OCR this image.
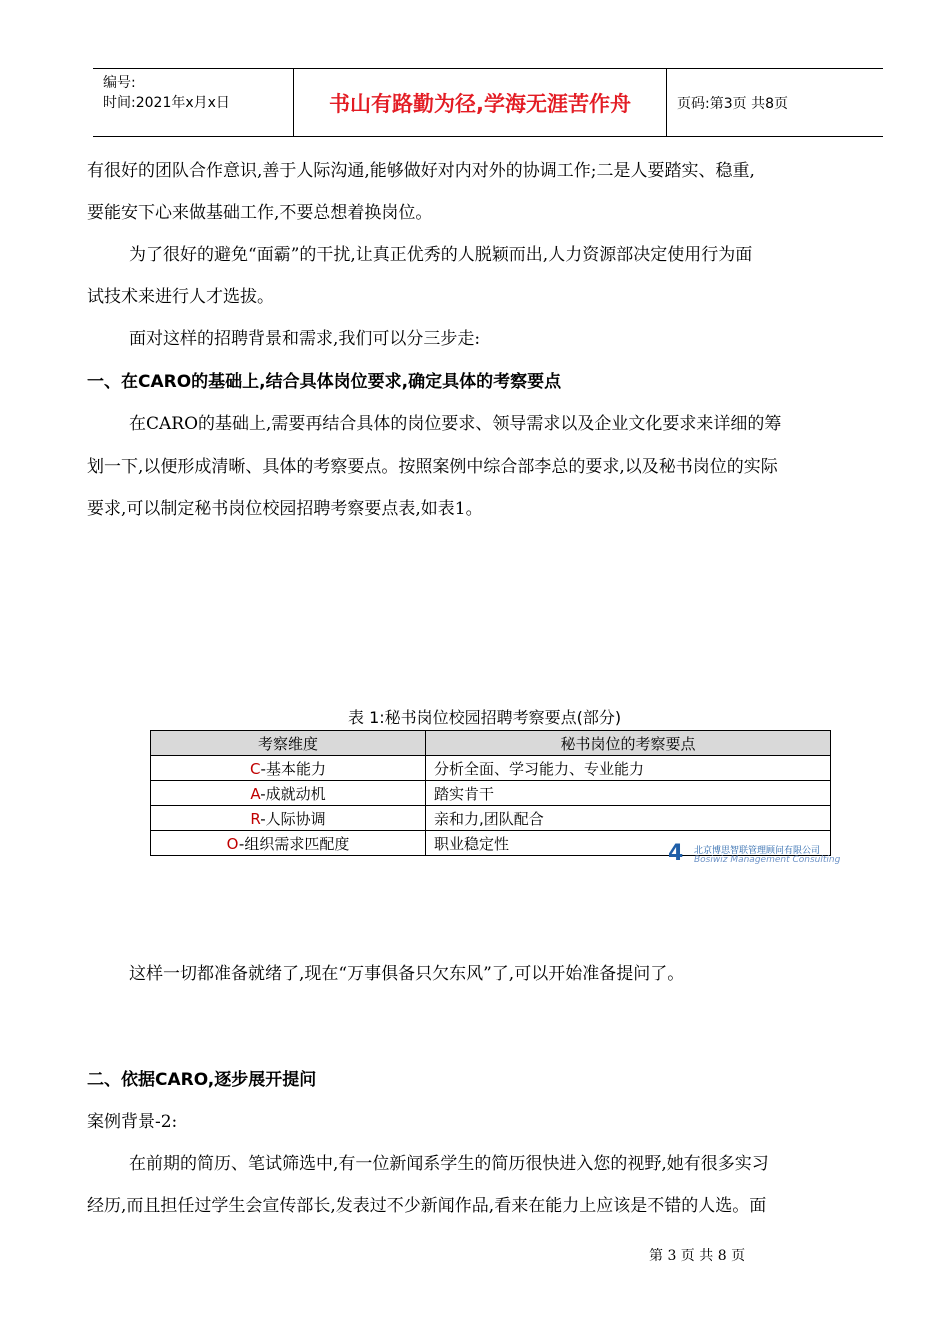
编号:
时间:2021年x月x日	书山有路勤为径,学海无涯苦作舟	页码:第3页 共8页

有很好的团队合作意识,善于人际沟通,能够做好对内对外的协调工作;二是人要踏实、稳重,

要能安下心来做基础工作,不要总想着换岗位。

为了很好的避免“面霸”的干扰,让真正优秀的人脱颖而出,人力资源部决定使用行为面

试技术来进行人才选拔。

面对这样的招聘背景和需求,我们可以分三步走:

一、在CARO的基础上,结合具体岗位要求,确定具体的考察要点

在CARO的基础上,需要再结合具体的岗位要求、领导需求以及企业文化要求来详细的筹

划一下,以便形成清晰、具体的考察要点。按照案例中综合部李总的要求,以及秘书岗位的实际

要求,可以制定秘书岗位校园招聘考察要点表,如表1。

表 1:秘书岗位校园招聘考察要点(部分)
考察维度	秘书岗位的考察要点
C-基本能力	分析全面、学习能力、专业能力
A-成就动机	踏实肯干
R-人际协调	亲和力,团队配合
O-组织需求匹配度	职业稳定性	4	北京博思智联管理顾问有限公司
Bosiwiz Management Consulting

这样一切都准备就绪了,现在“万事俱备只欠东风”了,可以开始准备提问了。

二、依据CARO,逐步展开提问

案例背景-2:

在前期的简历、笔试筛选中,有一位新闻系学生的简历很快进入您的视野,她有很多实习

经历,而且担任过学生会宣传部长,发表过不少新闻作品,看来在能力上应该是不错的人选。面

第 3 页 共 8 页
